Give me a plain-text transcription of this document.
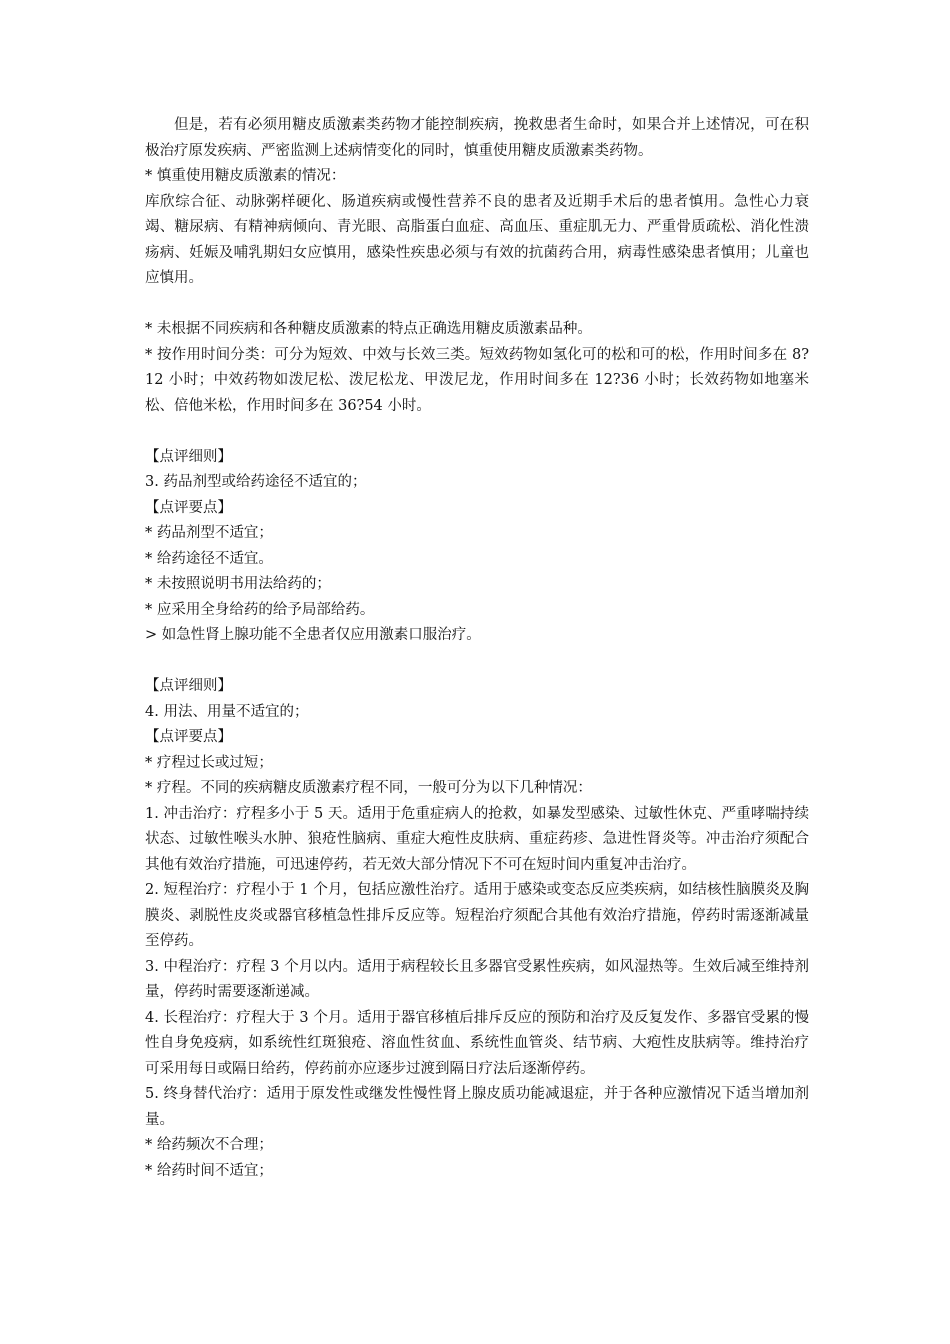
但是，若有必须用糖皮质激素类药物才能控制疾病，挽救患者生命时，如果合并上述情况，可在积极治疗原发疾病、严密监测上述病情变化的同时，慎重使用糖皮质激素类药物。
* 慎重使用糖皮质激素的情况：
库欣综合征、动脉粥样硬化、肠道疾病或慢性营养不良的患者及近期手术后的患者慎用。急性心力衰竭、糖尿病、有精神病倾向、青光眼、高脂蛋白血症、高血压、重症肌无力、严重骨质疏松、消化性溃疡病、妊娠及哺乳期妇女应慎用，感染性疾患必须与有效的抗菌药合用，病毒性感染患者慎用；儿童也应慎用。
* 未根据不同疾病和各种糖皮质激素的特点正确选用糖皮质激素品种。
* 按作用时间分类：可分为短效、中效与长效三类。短效药物如氢化可的松和可的松，作用时间多在 8?12 小时；中效药物如泼尼松、泼尼松龙、甲泼尼龙，作用时间多在 12?36 小时；长效药物如地塞米松、倍他米松，作用时间多在 36?54 小时。
【点评细则】
3. 药品剂型或给药途径不适宜的；
【点评要点】
* 药品剂型不适宜；
* 给药途径不适宜。
* 未按照说明书用法给药的；
* 应采用全身给药的给予局部给药。
> 如急性肾上腺功能不全患者仅应用激素口服治疗。
【点评细则】
4. 用法、用量不适宜的；
【点评要点】
* 疗程过长或过短；
* 疗程。不同的疾病糖皮质激素疗程不同，一般可分为以下几种情况：
1. 冲击治疗：疗程多小于 5 天。适用于危重症病人的抢救，如暴发型感染、过敏性休克、严重哮喘持续状态、过敏性喉头水肿、狼疮性脑病、重症大疱性皮肤病、重症药疹、急进性肾炎等。冲击治疗须配合其他有效治疗措施，可迅速停药，若无效大部分情况下不可在短时间内重复冲击治疗。
2. 短程治疗：疗程小于 1 个月，包括应激性治疗。适用于感染或变态反应类疾病，如结核性脑膜炎及胸膜炎、剥脱性皮炎或器官移植急性排斥反应等。短程治疗须配合其他有效治疗措施，停药时需逐渐减量至停药。
3. 中程治疗：疗程 3 个月以内。适用于病程较长且多器官受累性疾病，如风湿热等。生效后减至维持剂量，停药时需要逐渐递减。
4. 长程治疗：疗程大于 3 个月。适用于器官移植后排斥反应的预防和治疗及反复发作、多器官受累的慢性自身免疫病，如系统性红斑狼疮、溶血性贫血、系统性血管炎、结节病、大疱性皮肤病等。维持治疗可采用每日或隔日给药，停药前亦应逐步过渡到隔日疗法后逐渐停药。
5. 终身替代治疗：适用于原发性或继发性慢性肾上腺皮质功能减退症，并于各种应激情况下适当增加剂量。
* 给药频次不合理；
* 给药时间不适宜；
